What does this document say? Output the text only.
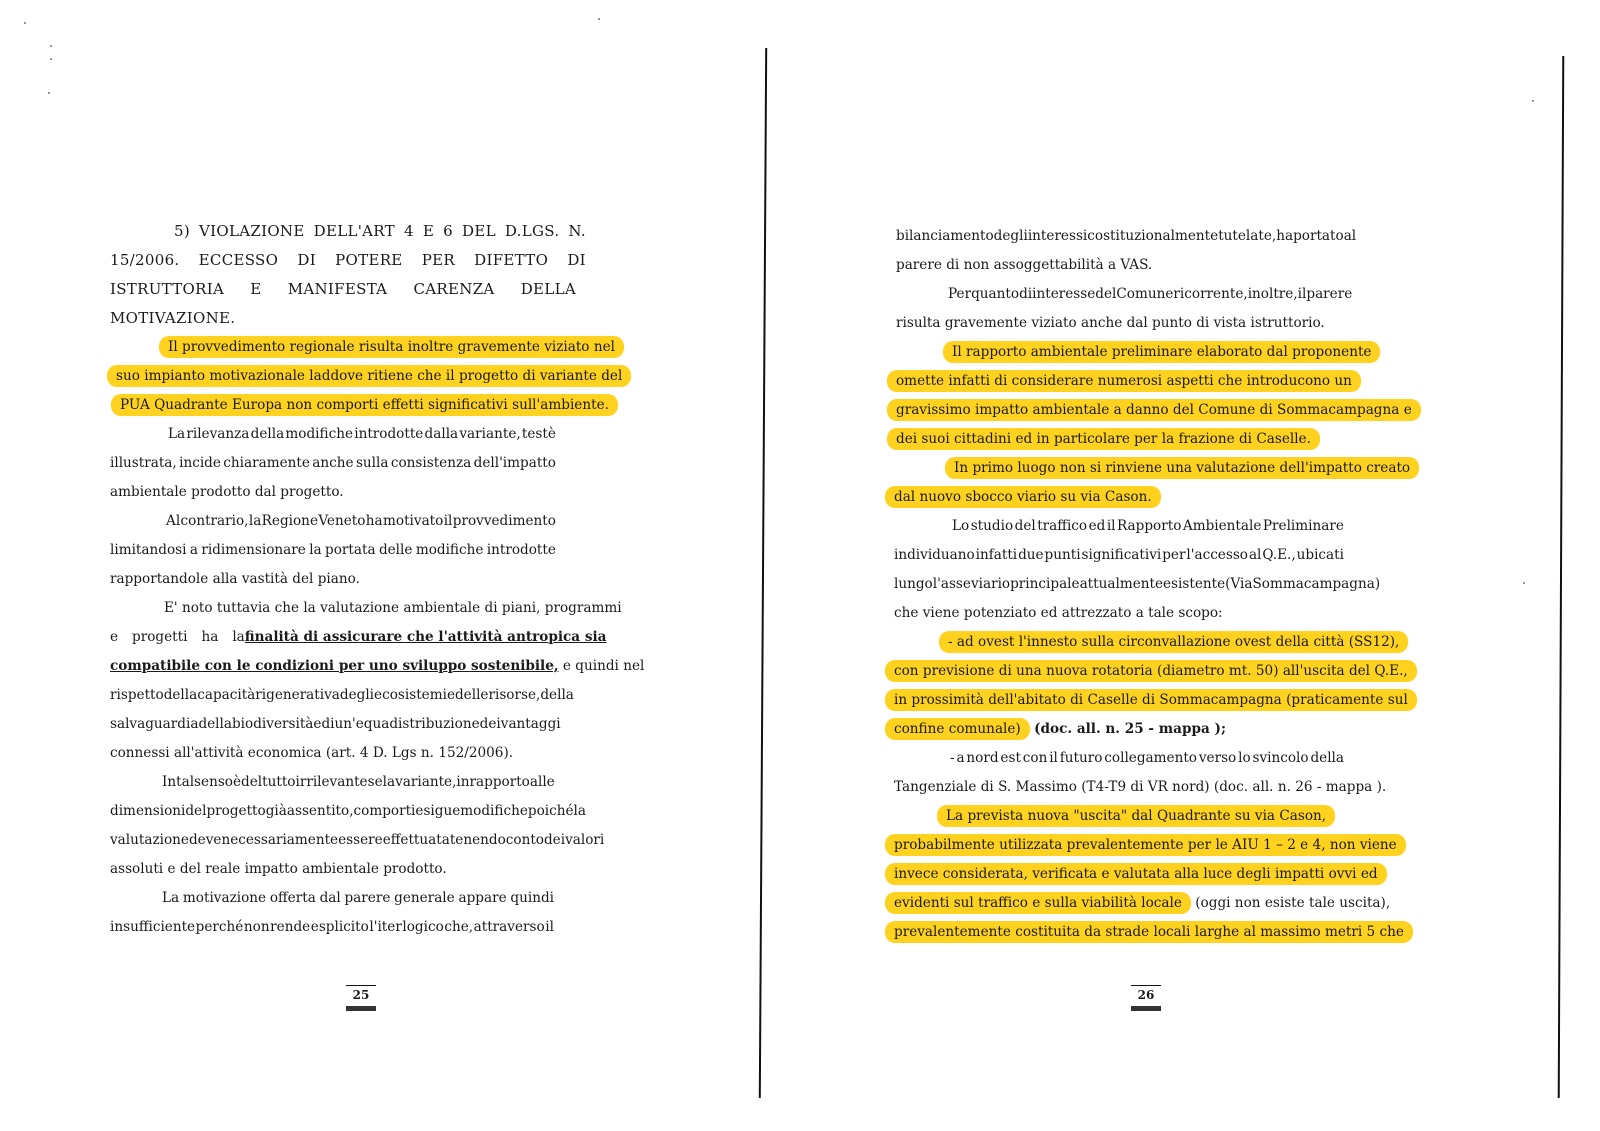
5) VIOLAZIONE DELL'ART 4 E 6 DEL D.LGS. N.
15/2006. ECCESSO DI POTERE PER DIFETTO DI
ISTRUTTORIA E MANIFESTA CARENZA DELLA
MOTIVAZIONE.
Il provvedimento regionale risulta inoltre gravemente viziato nel
suo impianto motivazionale laddove ritiene che il progetto di variante del
PUA Quadrante Europa non comporti effetti significativi sull'ambiente.
La rilevanza della modifiche introdotte dalla variante, testè
illustrata, incide chiaramente anche sulla consistenza dell'impatto
ambientale prodotto dal progetto.
Al contrario, la Regione Veneto ha motivato il provvedimento
limitandosi a ridimensionare la portata delle modifiche introdotte
rapportandole alla vastità del piano.
E' noto tuttavia che la valutazione ambientale di piani, programmi
e progetti ha la finalità di assicurare che l'attività antropica sia
compatibile con le condizioni per uno sviluppo sostenibile, e quindi nel
rispetto della capacità rigenerativa degli ecosistemi e delle risorse, della
salvaguardia della biodiversità e di un'equa distribuzione dei vantaggi
connessi all'attività economica (art. 4 D. Lgs n. 152/2006).
In tal senso è del tutto irrilevante se la variante, in rapporto alle
dimensioni del progetto già assentito, comporti esigue modifiche poiché la
valutazione deve necessariamente essere effettuata tenendo conto dei valori
assoluti e del reale impatto ambientale prodotto.
La motivazione offerta dal parere generale appare quindi
insufficiente perché non rende esplicito l'iter logico che, attraverso il
25
bilanciamento degli interessi costituzionalmente tutelate, ha portato al
parere di non assoggettabilità a VAS.
Per quanto di interesse del Comune ricorrente, inoltre, il parere
risulta gravemente viziato anche dal punto di vista istruttorio.
Il rapporto ambientale preliminare elaborato dal proponente
omette infatti di considerare numerosi aspetti che introducono un
gravissimo impatto ambientale a danno del Comune di Sommacampagna e
dei suoi cittadini ed in particolare per la frazione di Caselle.
In primo luogo non si rinviene una valutazione dell'impatto creato
dal nuovo sbocco viario su via Cason.
Lo studio del traffico ed il Rapporto Ambientale Preliminare
individuano infatti due punti significativi per l'accesso al Q.E., ubicati
lungo l'asse viario principale attualmente esistente (Via Sommacampagna)
che viene potenziato ed attrezzato a tale scopo:
- ad ovest l'innesto sulla circonvallazione ovest della città (SS12),
con previsione di una nuova rotatoria (diametro mt. 50) all'uscita del Q.E.,
in prossimità dell'abitato di Caselle di Sommacampagna (praticamente sul
confine comunale) (doc. all. n. 25 - mappa );
- a nord est con il futuro collegamento verso lo svincolo della
Tangenziale di S. Massimo (T4-T9 di VR nord) (doc. all. n. 26 - mappa ).
La prevista nuova "uscita" dal Quadrante su via Cason,
probabilmente utilizzata prevalentemente per le AIU 1 – 2 e 4, non viene
invece considerata, verificata e valutata alla luce degli impatti ovvi ed
evidenti sul traffico e sulla viabilità locale (oggi non esiste tale uscita),
prevalentemente costituita da strade locali larghe al massimo metri 5 che
26
